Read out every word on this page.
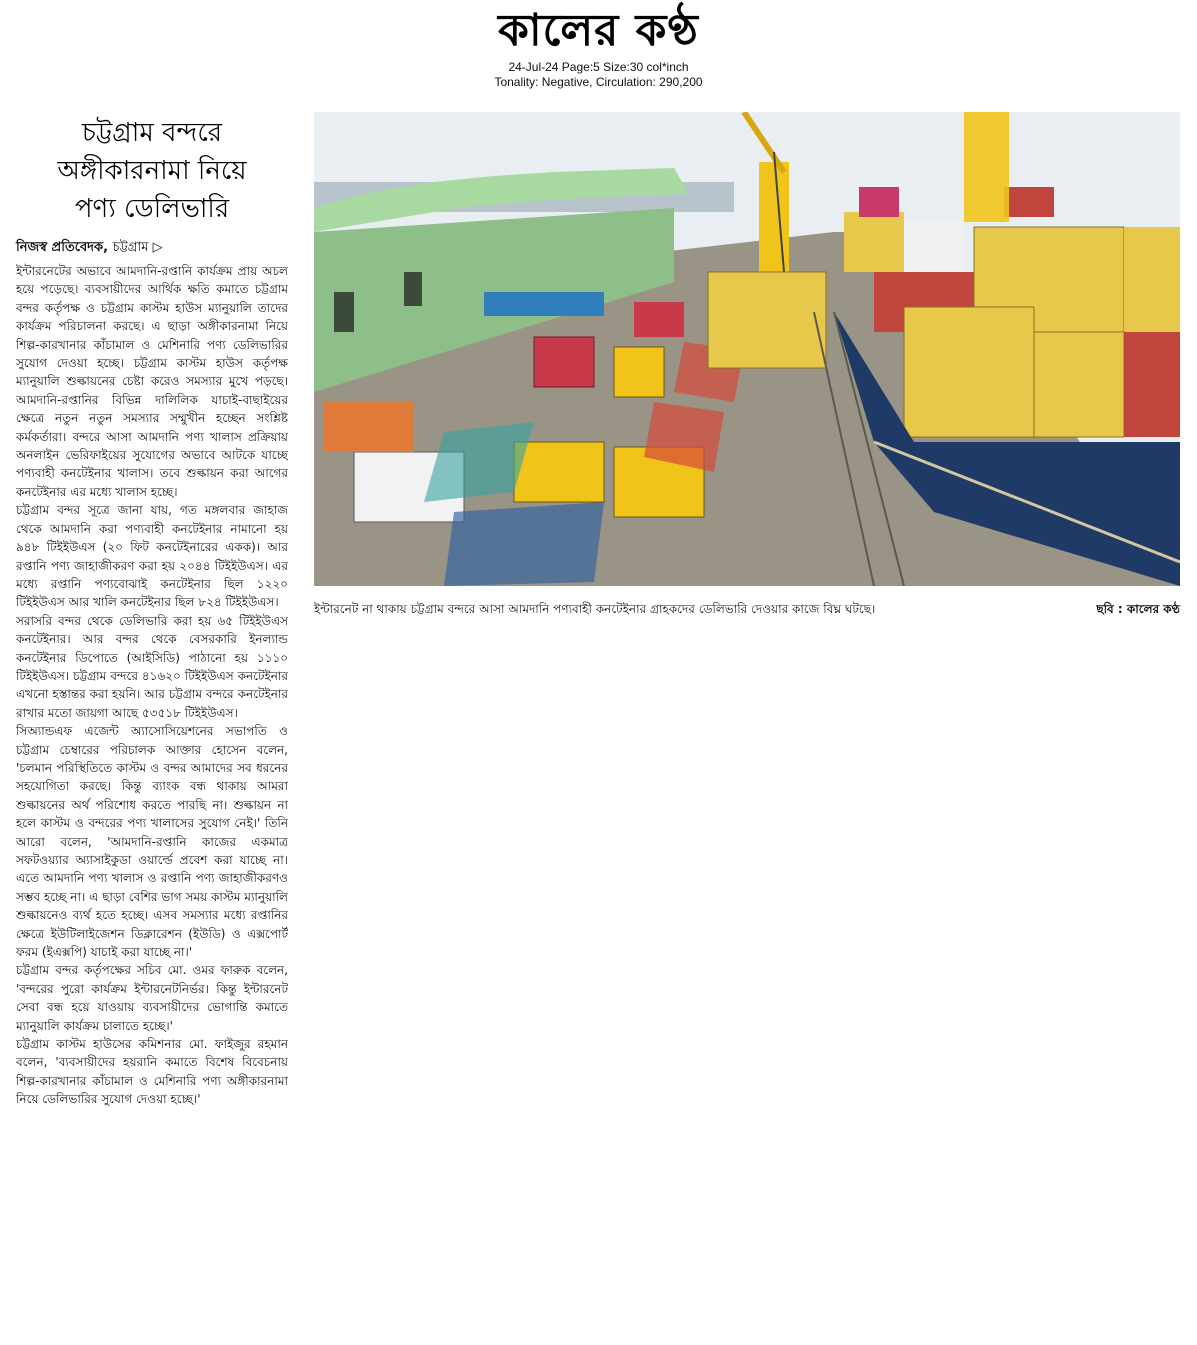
কালের কণ্ঠ
24-Jul-24 Page:5 Size:30 col*inch
Tonality: Negative, Circulation: 290,200
চট্টগ্রাম বন্দরে
অঙ্গীকারনামা নিয়ে
পণ্য ডেলিভারি
নিজস্ব প্রতিবেদক, চট্টগ্রাম ▷

ইন্টারনেটের অভাবে আমদানি-রপ্তানি কার্যক্রম প্রায় অচল হয়ে পড়েছে। ব্যবসায়ীদের আর্থিক ক্ষতি কমাতে চট্টগ্রাম বন্দর কর্তৃপক্ষ ও চট্টগ্রাম কাস্টম হাউস ম্যানুয়ালি তাদের কার্যক্রম পরিচালনা করছে। এ ছাড়া অঙ্গীকারনামা নিয়ে শিল্প-কারখানার কাঁচামাল ও মেশিনারি পণ্য ডেলিভারির সুযোগ দেওয়া হচ্ছে। চট্টগ্রাম কাস্টম হাউস কর্তৃপক্ষ ম্যানুয়ালি শুল্কায়নের চেষ্টা করেও সমস্যার মুখে পড়ছে। আমদানি-রপ্তানির বিভিন্ন দালিলিক যাচাই-বাছাইয়ের ক্ষেত্রে নতুন নতুন সমস্যার সম্মুখীন হচ্ছেন সংশ্লিষ্ট কর্মকর্তারা। বন্দরে আসা আমদানি পণ্য খালাস প্রক্রিয়ায় অনলাইন ভেরিফাইয়ের সুযোগের অভাবে আটকে যাচ্ছে পণ্যবাহী কনটেইনার খালাস। তবে শুল্কায়ন করা আগের কনটেইনার এর মধ্যে খালাস হচ্ছে।

চট্টগ্রাম বন্দর সূত্রে জানা যায়, গত মঙ্গলবার জাহাজ থেকে আমদানি করা পণ্যবাহী কনটেইনার নামানো হয় ৯৪৮ টিইইউএস (২০ ফিট কনটেইনারের একক)। আর রপ্তানি পণ্য জাহাজীকরণ করা হয় ২০৪৪ টিইইউএস। এর মধ্যে রপ্তানি পণ্যবোঝাই কনটেইনার ছিল ১২২০ টিইইউএস আর খালি কনটেইনার ছিল ৮২৪ টিইইউএস।

সরাসরি বন্দর থেকে ডেলিভারি করা হয় ৬৫ টিইইউএস কনটেইনার। আর বন্দর থেকে বেসরকারি ইনল্যান্ড কনটেইনার ডিপোতে (আইসিডি) পাঠানো হয় ১১১০ টিইইউএস। চট্টগ্রাম বন্দরে ৪১৬২০ টিইইউএস কনটেইনার এখনো হস্তান্তর করা হয়নি। আর চট্টগ্রাম বন্দরে কনটেইনার রাখার মতো জায়গা আছে ৫৩৫১৮ টিইইউএস।

সিঅ্যান্ডএফ এজেন্ট অ্যাসোসিয়েশনের সভাপতি ও চট্টগ্রাম চেম্বারের পরিচালক আক্তার হোসেন বলেন, 'চলমান পরিস্থিতিতে কাস্টম ও বন্দর আমাদের সব ধরনের সহযোগিতা করছে। কিন্তু ব্যাংক বন্ধ থাকায় আমরা শুল্কায়নের অর্থ পরিশোধ করতে পারছি না। শুল্কায়ন না হলে কাস্টম ও বন্দরের পণ্য খালাসের সুযোগ নেই।' তিনি আরো বলেন, 'আমদানি-রপ্তানি কাজের একমাত্র সফটওয়্যার অ্যাসাইকুডা ওয়ার্ল্ডে প্রবেশ করা যাচ্ছে না। এতে আমদানি পণ্য খালাস ও রপ্তানি পণ্য জাহাজীকরণও সম্ভব হচ্ছে না। এ ছাড়া বেশির ভাগ সময় কাস্টম ম্যানুয়ালি শুল্কায়নেও ব্যর্থ হতে হচ্ছে। এসব সমস্যার মধ্যে রপ্তানির ক্ষেত্রে ইউটিলাইজেশন ডিক্লারেশন (ইউডি) ও এক্সপোর্ট ফরম (ইএক্সপি) যাচাই করা যাচ্ছে না।'

চট্টগ্রাম বন্দর কর্তৃপক্ষের সচিব মো. ওমর ফারুক বলেন, 'বন্দরের পুরো কার্যক্রম ইন্টারনেটনির্ভর। কিন্তু ইন্টারনেট সেবা বন্ধ হয়ে যাওয়ায় ব্যবসায়ীদের ভোগান্তি কমাতে ম্যানুয়ালি কার্যক্রম চালাতে হচ্ছে।'

চট্টগ্রাম কাস্টম হাউসের কমিশনার মো. ফাইজুর রহমান বলেন, 'ব্যবসায়ীদের হয়রানি কমাতে বিশেষ বিবেচনায় শিল্প-কারখানার কাঁচামাল ও মেশিনারি পণ্য অঙ্গীকারনামা নিয়ে ডেলিভারির সুযোগ দেওয়া হচ্ছে।'

ইন্টারনেট না থাকায় চট্টগ্রাম বন্দরে আসা আমদানি পণ্যবাহী কনটেইনার গ্রাহকদের ডেলিভারি দেওয়ার কাজে বিঘ্ন ঘটছে।	ছবি : কালের কণ্ঠ
